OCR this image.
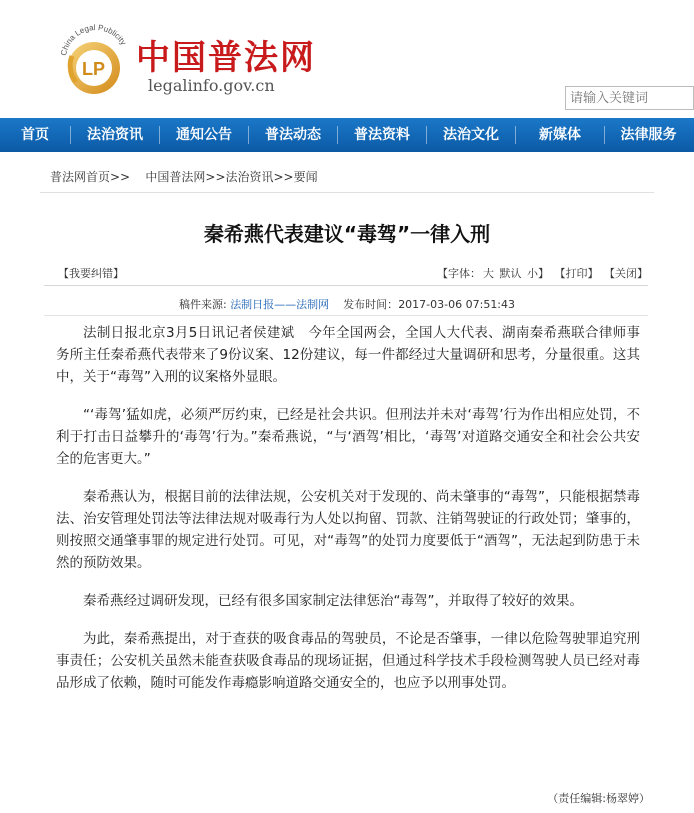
LP
China Legal Publicity 中国普法网
legalinfo.gov.cn
请输入关键词
首页	法治资讯	通知公告	普法动态	普法资料	法治文化	新媒体	法律服务
普法网首页>> 中国普法网>>法治资讯>>要闻
秦希燕代表建议“毒驾”一律入刑
【我要纠错】	【字体： 大 默认 小】 【打印】 【关闭】
稿件来源: 法制日报——法制网 发布时间：2017-03-06 07:51:43

法制日报北京3月5日讯记者侯建斌　今年全国两会，全国人大代表、湖南秦希燕联合律师事务所主任秦希燕代表带来了9份议案、12份建议，每一件都经过大量调研和思考，分量很重。这其中，关于“毒驾”入刑的议案格外显眼。

“‘毒驾’猛如虎，必须严厉约束，已经是社会共识。但刑法并未对‘毒驾’行为作出相应处罚，不利于打击日益攀升的‘毒驾’行为。”秦希燕说，“与‘酒驾’相比，‘毒驾’对道路交通安全和社会公共安全的危害更大。”

秦希燕认为，根据目前的法律法规，公安机关对于发现的、尚未肇事的“毒驾”，只能根据禁毒法、治安管理处罚法等法律法规对吸毒行为人处以拘留、罚款、注销驾驶证的行政处罚；肇事的，则按照交通肇事罪的规定进行处罚。可见，对“毒驾”的处罚力度要低于“酒驾”，无法起到防患于未然的预防效果。

秦希燕经过调研发现，已经有很多国家制定法律惩治“毒驾”，并取得了较好的效果。

为此，秦希燕提出，对于查获的吸食毒品的驾驶员，不论是否肇事，一律以危险驾驶罪追究刑事责任；公安机关虽然未能查获吸食毒品的现场证据，但通过科学技术手段检测驾驶人员已经对毒品形成了依赖，随时可能发作毒瘾影响道路交通安全的，也应予以刑事处罚。

（责任编辑:杨翠婷）
